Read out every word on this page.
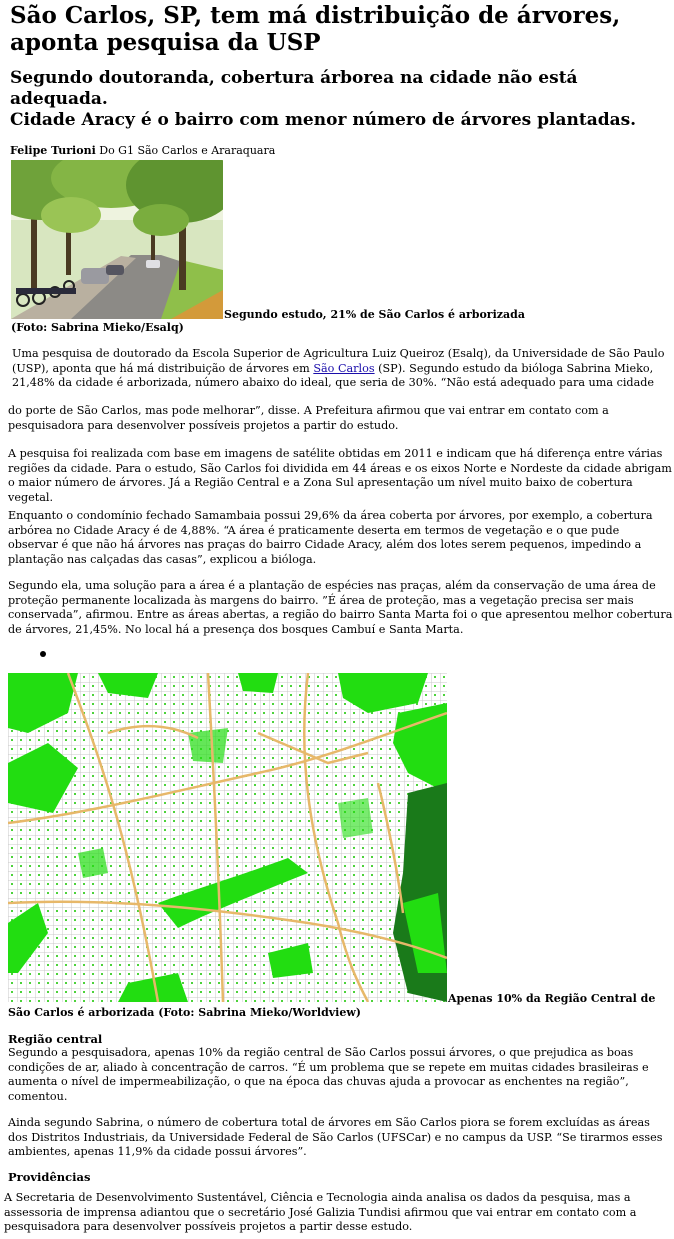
São Carlos, SP, tem má distribuição de árvores, aponta pesquisa da USP
Segundo doutoranda, cobertura árborea na cidade não está adequada.
Cidade Aracy é o bairro com menor número de árvores plantadas.
Felipe Turioni Do G1 São Carlos e Araraquara
Segundo estudo, 21% de São Carlos é arborizada
(Foto: Sabrina Mieko/Esalq)

Uma pesquisa de doutorado da Escola Superior de Agricultura Luiz Queiroz (Esalq), da Universidade de São Paulo (USP), aponta que há má distribuição de árvores em São Carlos (SP). Segundo estudo da bióloga Sabrina Mieko, 21,48% da cidade é arborizada, número abaixo do ideal, que seria de 30%. “Não está adequado para uma cidade

do porte de São Carlos, mas pode melhorar”, disse. A Prefeitura afirmou que vai entrar em contato com a pesquisadora para desenvolver possíveis projetos a partir do estudo.

A pesquisa foi realizada com base em imagens de satélite obtidas em 2011 e indicam que há diferença entre várias regiões da cidade. Para o estudo, São Carlos foi dividida em 44 áreas e os eixos Norte e Nordeste da cidade abrigam o maior número de árvores. Já a Região Central e a Zona Sul apresentação um nível muito baixo de cobertura vegetal.

Enquanto o condomínio fechado Samambaia possui 29,6% da área coberta por árvores, por exemplo, a cobertura arbórea no Cidade Aracy é de 4,88%. “A área é praticamente deserta em termos de vegetação e o que pude observar é que não há árvores nas praças do bairro Cidade Aracy, além dos lotes serem pequenos, impedindo a plantação nas calçadas das casas”, explicou a bióloga.

Segundo ela, uma solução para a área é a plantação de espécies nas praças, além da conservação de uma área de proteção permanente localizada às margens do bairro. ”É área de proteção, mas a vegetação precisa ser mais conservada”, afirmou. Entre as áreas abertas, a região do bairro Santa Marta foi o que apresentou melhor cobertura de árvores, 21,45%. No local há a presença dos bosques Cambuí e Santa Marta.

Apenas 10% da Região Central de
São Carlos é arborizada (Foto: Sabrina Mieko/Worldview)
Região central

Segundo a pesquisadora, apenas 10% da região central de São Carlos possui árvores, o que prejudica as boas condições de ar, aliado à concentração de carros. “É um problema que se repete em muitas cidades brasileiras e aumenta o nível de impermeabilização, o que na época das chuvas ajuda a provocar as enchentes na região”, comentou.

Ainda segundo Sabrina, o número de cobertura total de árvores em São Carlos piora se forem excluídas as áreas dos Distritos Industriais, da Universidade Federal de São Carlos (UFSCar) e no campus da USP. “Se tirarmos esses ambientes, apenas 11,9% da cidade possui árvores”.

Providências

A Secretaria de Desenvolvimento Sustentável, Ciência e Tecnologia ainda analisa os dados da pesquisa, mas a assessoria de imprensa adiantou que o secretário José Galizia Tundisi afirmou que vai entrar em contato com a pesquisadora para desenvolver possíveis projetos a partir desse estudo.
